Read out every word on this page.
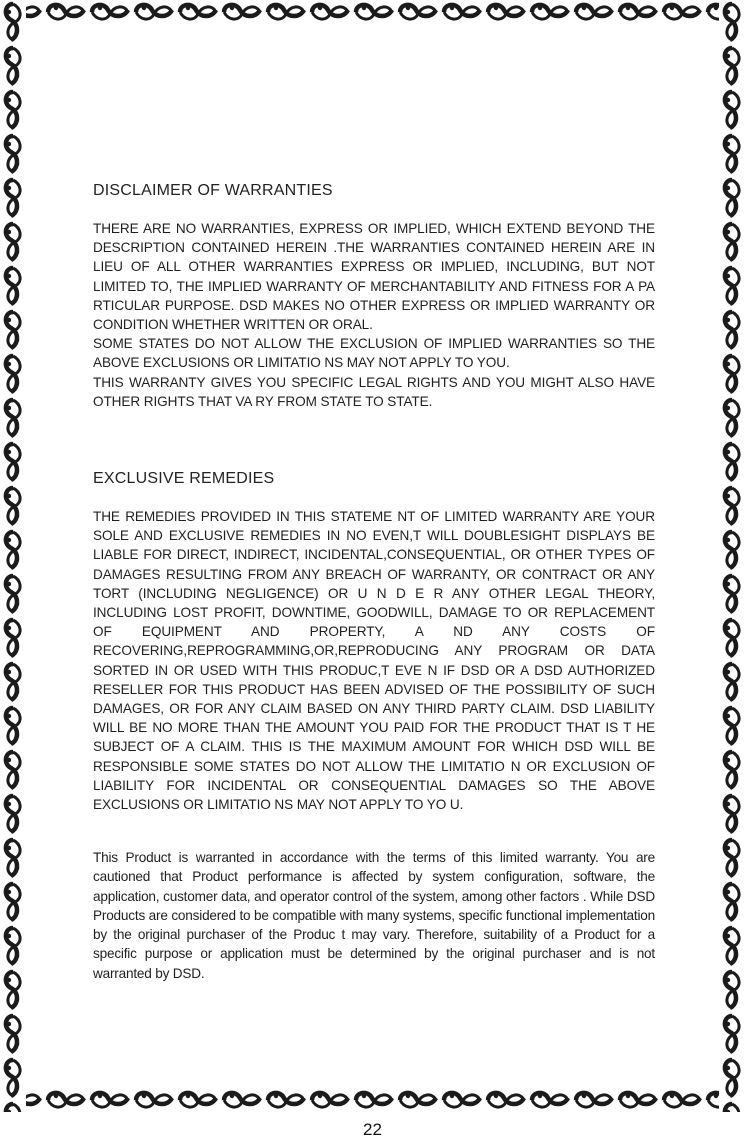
DISCLAIMER OF WARRANTIES

THERE ARE NO WARRANTIES, EXPRESS OR IMPLIED, WHICH EXTEND BEYOND THE DESCRIPTION CONTAINED HEREIN .THE WARRANTIES CONTAINED HEREIN ARE IN LIEU OF ALL OTHER WARRANTIES EXPRESS OR IMPLIED, INCLUDING, BUT NOT LIMITED TO, THE IMPLIED WARRANTY OF MERCHANTABILITY AND FITNESS FOR A PA RTICULAR PURPOSE. DSD MAKES NO OTHER EXPRESS OR IMPLIED WARRANTY OR CONDITION WHETHER WRITTEN OR ORAL.

SOME STATES DO NOT ALLOW THE EXCLUSION OF IMPLIED WARRANTIES SO THE ABOVE EXCLUSIONS OR LIMITATIO NS MAY NOT APPLY TO YOU.

THIS WARRANTY GIVES YOU SPECIFIC LEGAL RIGHTS AND YOU MIGHT ALSO HAVE OTHER RIGHTS THAT VA RY FROM STATE TO STATE.

EXCLUSIVE REMEDIES

THE REMEDIES PROVIDED IN THIS STATEME NT OF LIMITED WARRANTY ARE YOUR SOLE AND EXCLUSIVE REMEDIES IN NO EVEN,T WILL DOUBLESIGHT DISPLAYS BE LIABLE FOR DIRECT, INDIRECT, INCIDENTAL,CONSEQUENTIAL, OR OTHER TYPES OF DAMAGES RESULTING FROM ANY BREACH OF WARRANTY, OR CONTRACT OR ANY TORT (INCLUDING NEGLIGENCE) OR U N D E R ANY OTHER LEGAL THEORY, INCLUDING LOST PROFIT, DOWNTIME, GOODWILL, DAMAGE TO OR REPLACEMENT OF EQUIPMENT AND PROPERTY, A ND ANY COSTS OF RECOVERING,REPROGRAMMING,OR,REPRODUCING ANY PROGRAM OR DATA SORTED IN OR USED WITH THIS PRODUC,T EVE N IF DSD OR A DSD AUTHORIZED RESELLER FOR THIS PRODUCT HAS BEEN ADVISED OF THE POSSIBILITY OF SUCH DAMAGES, OR FOR ANY CLAIM BASED ON ANY THIRD PARTY CLAIM. DSD LIABILITY WILL BE NO MORE THAN THE AMOUNT YOU PAID FOR THE PRODUCT THAT IS T HE SUBJECT OF A CLAIM. THIS IS THE MAXIMUM AMOUNT FOR WHICH DSD WILL BE RESPONSIBLE SOME STATES DO NOT ALLOW THE LIMITATIO N OR EXCLUSION OF LIABILITY FOR INCIDENTAL OR CONSEQUENTIAL DAMAGES SO THE ABOVE EXCLUSIONS OR LIMITATIO NS MAY NOT APPLY TO YO U.

This Product is warranted in accordance with the terms of this limited warranty. You are cautioned that Product performance is affected by system configuration, software, the application, customer data, and operator control of the system, among other factors . While DSD Products are considered to be compatible with many systems, specific functional implementation by the original purchaser of the Produc t may vary. Therefore, suitability of a Product for a specific purpose or application must be determined by the original purchaser and is not warranted by DSD.

22
